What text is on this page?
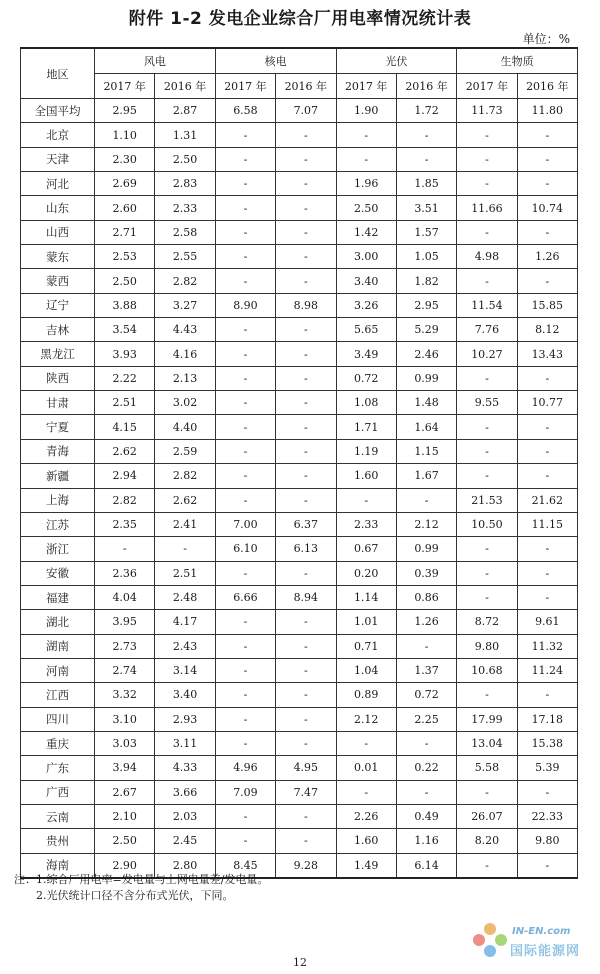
附件 1-2 发电企业综合厂用电率情况统计表
单位：%
地区	风电		核电		光伏		生物质	
	2017 年	2016 年	2017 年	2016 年	2017 年	2016 年	2017 年	2016 年
全国平均	2.95	2.87	6.58	7.07	1.90	1.72	11.73	11.80
北京	1.10	1.31	-	-	-	-	-	-
天津	2.30	2.50	-	-	-	-	-	-
河北	2.69	2.83	-	-	1.96	1.85	-	-
山东	2.60	2.33	-	-	2.50	3.51	11.66	10.74
山西	2.71	2.58	-	-	1.42	1.57	-	-
蒙东	2.53	2.55	-	-	3.00	1.05	4.98	1.26
蒙西	2.50	2.82	-	-	3.40	1.82	-	-
辽宁	3.88	3.27	8.90	8.98	3.26	2.95	11.54	15.85
吉林	3.54	4.43	-	-	5.65	5.29	7.76	8.12
黑龙江	3.93	4.16	-	-	3.49	2.46	10.27	13.43
陕西	2.22	2.13	-	-	0.72	0.99	-	-
甘肃	2.51	3.02	-	-	1.08	1.48	9.55	10.77
宁夏	4.15	4.40	-	-	1.71	1.64	-	-
青海	2.62	2.59	-	-	1.19	1.15	-	-
新疆	2.94	2.82	-	-	1.60	1.67	-	-
上海	2.82	2.62	-	-	-	-	21.53	21.62
江苏	2.35	2.41	7.00	6.37	2.33	2.12	10.50	11.15
浙江	-	-	6.10	6.13	0.67	0.99	-	-
安徽	2.36	2.51	-	-	0.20	0.39	-	-
福建	4.04	2.48	6.66	8.94	1.14	0.86	-	-
湖北	3.95	4.17	-	-	1.01	1.26	8.72	9.61
湖南	2.73	2.43	-	-	0.71	-	9.80	11.32
河南	2.74	3.14	-	-	1.04	1.37	10.68	11.24
江西	3.32	3.40	-	-	0.89	0.72	-	-
四川	3.10	2.93	-	-	2.12	2.25	17.99	17.18
重庆	3.03	3.11	-	-	-	-	13.04	15.38
广东	3.94	4.33	4.96	4.95	0.01	0.22	5.58	5.39
广西	2.67	3.66	7.09	7.47	-	-	-	-
云南	2.10	2.03	-	-	2.26	0.49	26.07	22.33
贵州	2.50	2.45	-	-	1.60	1.16	8.20	9.80
海南	2.90	2.80	8.45	9.28	1.49	6.14	-	-
注：1.综合厂用电率=发电量与上网电量差/发电量。
2.光伏统计口径不含分布式光伏，下同。
IN-EN.com
国际能源网
12
